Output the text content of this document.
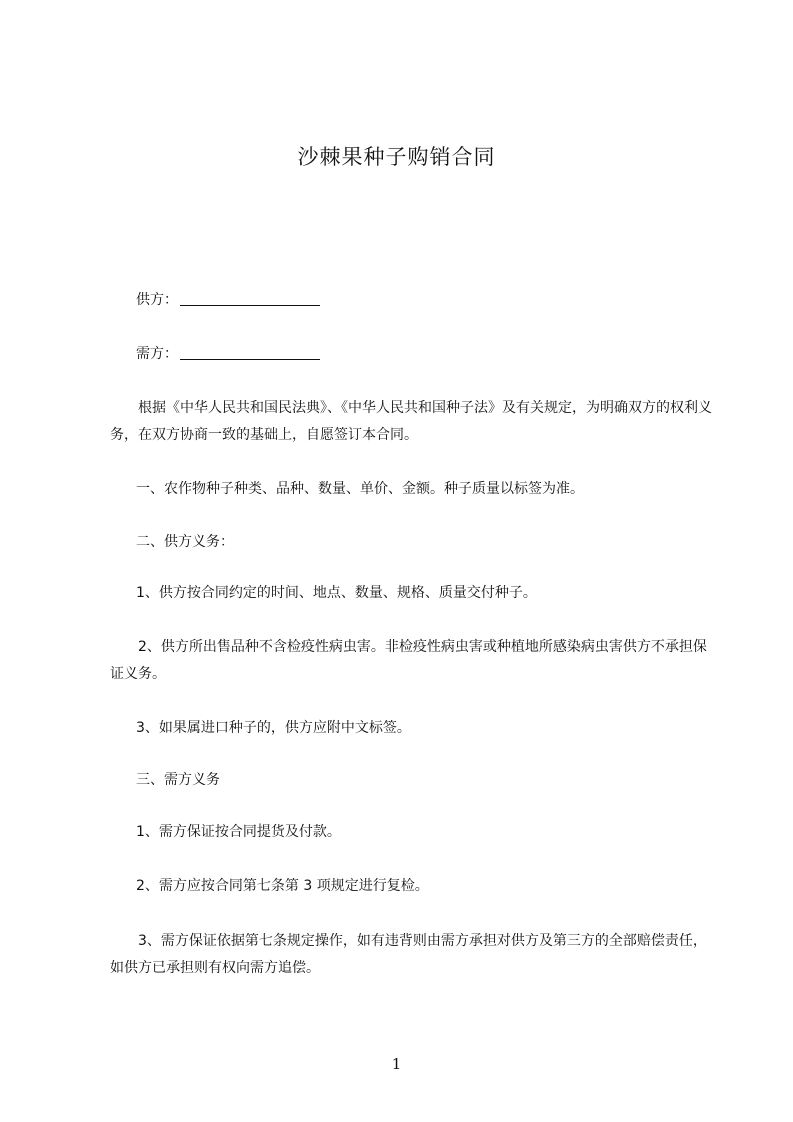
沙棘果种子购销合同
供方：
需方：
根据《中华人民共和国民法典》、《中华人民共和国种子法》及有关规定，为明确双方的权利义务，在双方协商一致的基础上，自愿签订本合同。
一、农作物种子种类、品种、数量、单价、金额。种子质量以标签为准。
二、供方义务：
1、供方按合同约定的时间、地点、数量、规格、质量交付种子。
2、供方所出售品种不含检疫性病虫害。非检疫性病虫害或种植地所感染病虫害供方不承担保证义务。
3、如果属进口种子的，供方应附中文标签。
三、需方义务
1、需方保证按合同提货及付款。
2、需方应按合同第七条第 3 项规定进行复检。
3、需方保证依据第七条规定操作，如有违背则由需方承担对供方及第三方的全部赔偿责任，如供方已承担则有权向需方追偿。
1
